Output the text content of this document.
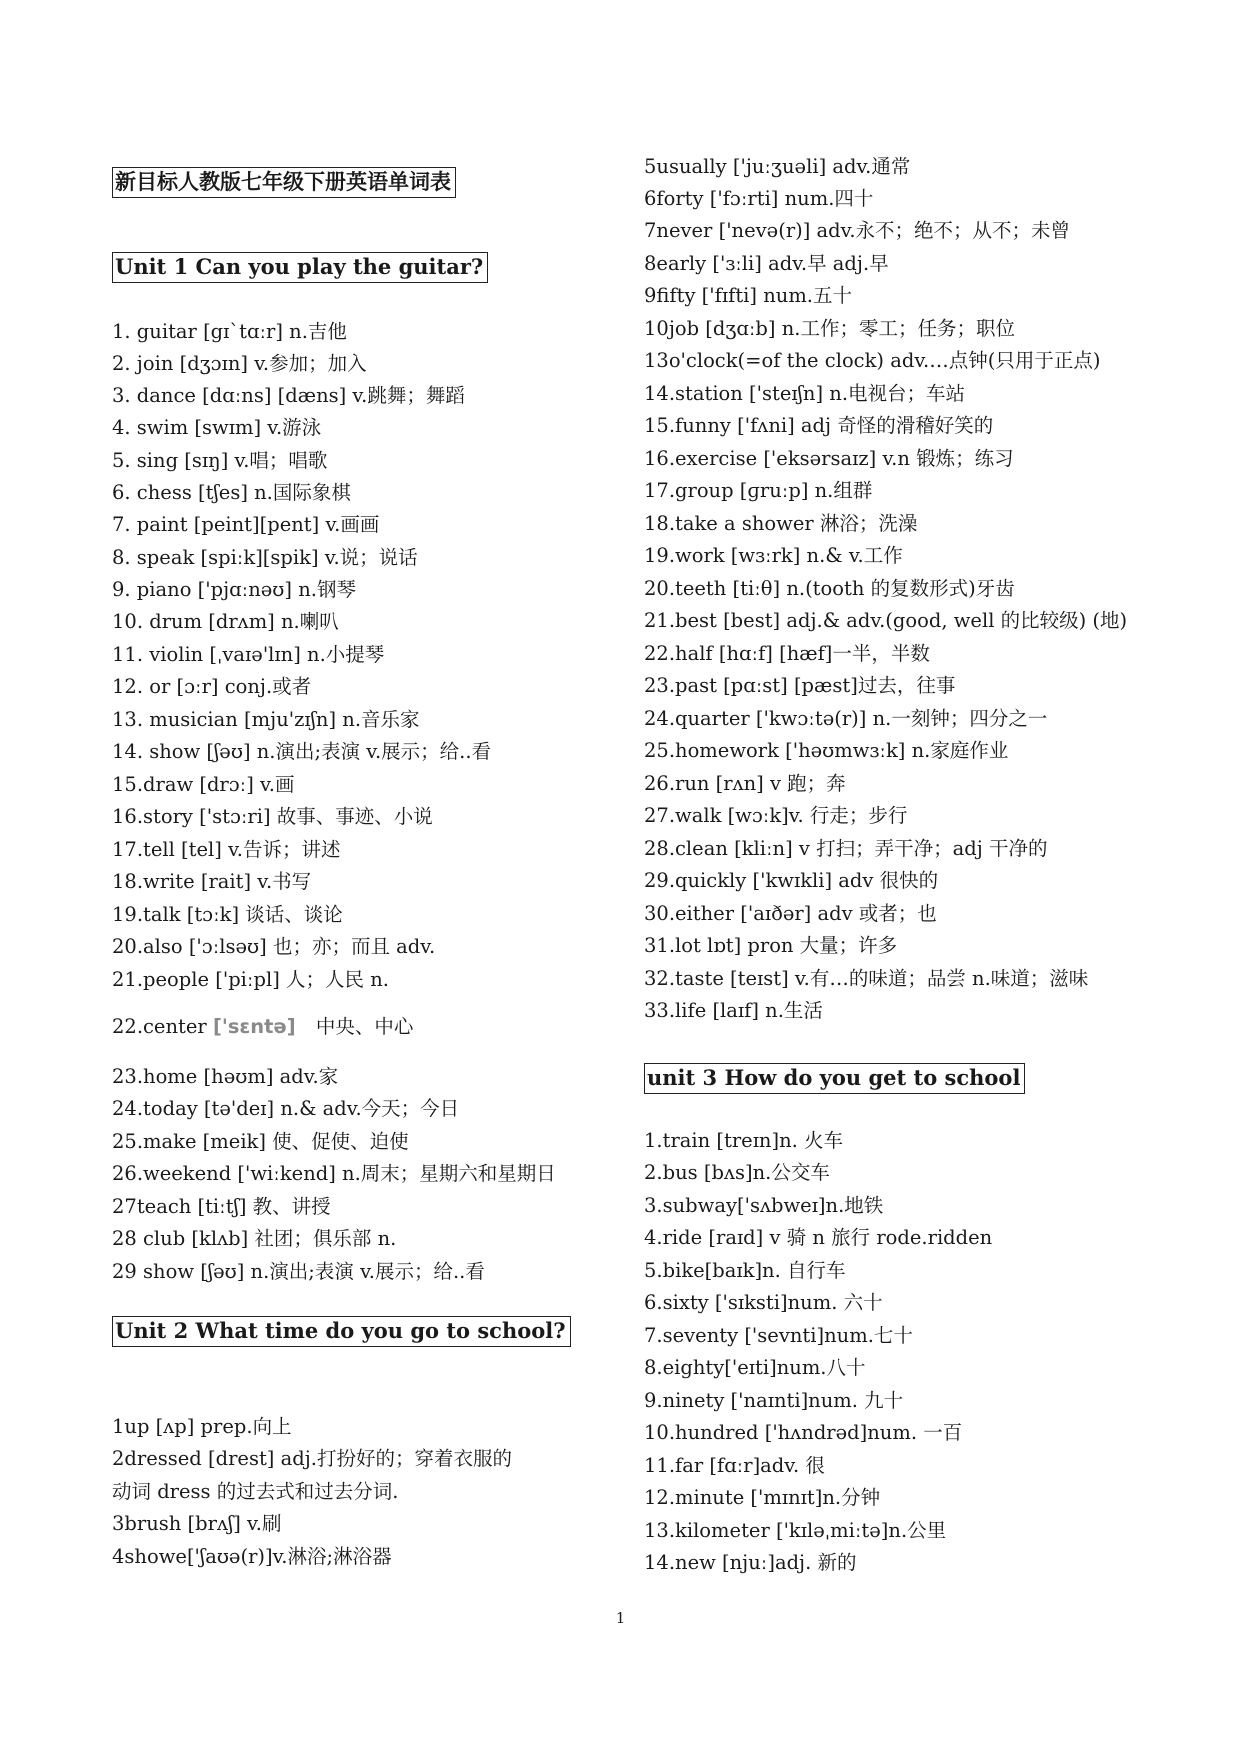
新目标人教版七年级下册英语单词表
Unit 1 Can you play the guitar?
1. guitar [gɪˋtɑːr] n.吉他
2. join [dʒɔɪn] v.参加；加入
3. dance [dɑːns] [dæns] v.跳舞；舞蹈
4. swim [swɪm] v.游泳
5. sing [sɪŋ] v.唱；唱歌
6. chess [tʃes] n.国际象棋
7. paint [peint][pent] v.画画
8. speak [spiːk][spik] v.说；说话
9. piano ['pjɑːnəʊ] n.钢琴
10. drum [drʌm] n.喇叭
11. violin [ˌvaɪə'lɪn] n.小提琴
12. or [ɔːr] conj.或者
13. musician [mju'zɪʃn] n.音乐家
14. show [ʃəʊ] n.演出;表演 v.展示；给..看
15.draw [drɔː] v.画
16.story ['stɔːri] 故事、事迹、小说
17.tell [tel] v.告诉；讲述
18.write [rait] v.书写
19.talk [tɔːk] 谈话、谈论
20.also ['ɔːlsəʊ] 也；亦；而且 adv.
21.people ['piːpl] 人；人民 n.
22.center ['sɛntə] 中央、中心
23.home [həʊm] adv.家
24.today [tə'deɪ] n.& adv.今天；今日
25.make [meik] 使、促使、迫使
26.weekend ['wiːkend] n.周末；星期六和星期日
27teach [tiːtʃ] 教、讲授
28 club [klʌb] 社团；俱乐部 n.
29 show [ʃəʊ] n.演出;表演 v.展示；给..看
Unit 2 What time do you go to school?
1up [ʌp] prep.向上
2dressed [drest] adj.打扮好的；穿着衣服的
动词 dress 的过去式和过去分词.
3brush [brʌʃ] v.刷
4showe['ʃaʊə(r)]v.淋浴;淋浴器
5usually ['juːʒuəli] adv.通常
6forty ['fɔːrti] num.四十
7never ['nevə(r)] adv.永不；绝不；从不；未曾
8early ['ɜːli] adv.早 adj.早
9fifty ['fɪfti] num.五十
10job [dʒɑːb] n.工作；零工；任务；职位
13o'clock(=of the clock) adv.…点钟(只用于正点)
14.station ['steɪʃn] n.电视台；车站
15.funny ['fʌni] adj 奇怪的滑稽好笑的
16.exercise ['eksərsaɪz] v.n 锻炼；练习
17.group [ɡruːp] n.组群
18.take a shower 淋浴；洗澡
19.work [wɜːrk] n.& v.工作
20.teeth [tiːθ] n.(tooth 的复数形式)牙齿
21.best [best] adj.& adv.(good, well 的比较级) (地)
22.half [hɑːf] [hæf]一半，半数
23.past [pɑːst] [pæst]过去，往事
24.quarter ['kwɔːtə(r)] n.一刻钟；四分之一
25.homework ['həʊmwɜːk] n.家庭作业
26.run [rʌn] v 跑；奔
27.walk [wɔːk]v. 行走；步行
28.clean [kliːn] v 打扫；弄干净；adj 干净的
29.quickly ['kwɪkli] adv 很快的
30.either ['aɪðər] adv 或者；也
31.lot lɒt] pron 大量；许多
32.taste [teɪst] v.有…的味道；品尝 n.味道；滋味
33.life [laɪf] n.生活
unit 3 How do you get to school
1.train [treɪn]n. 火车
2.bus [bʌs]n.公交车
3.subway['sʌbweɪ]n.地铁
4.ride [raɪd] v 骑 n 旅行 rode.ridden
5.bike[baɪk]n. 自行车
6.sixty ['sɪksti]num. 六十
7.seventy ['sevnti]num.七十
8.eighty['eɪti]num.八十
9.ninety ['naɪnti]num. 九十
10.hundred ['hʌndrəd]num. 一百
11.far [fɑːr]adv. 很
12.minute ['mɪnɪt]n.分钟
13.kilometer ['kɪləˌmiːtə]n.公里
14.new [njuː]adj. 新的
1
